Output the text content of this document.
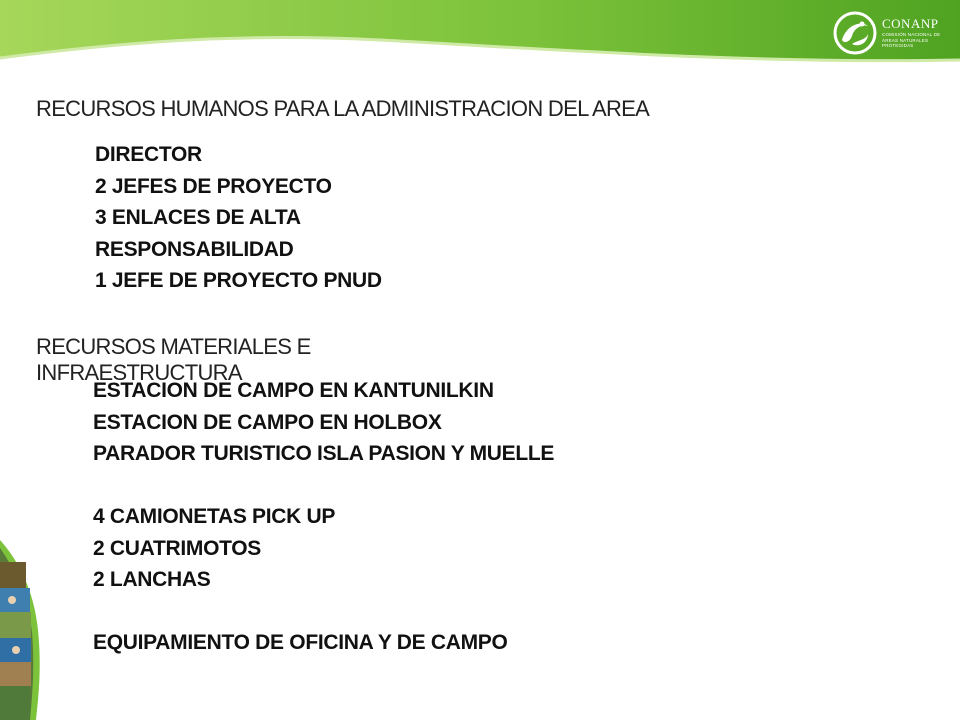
CONANP
COMISIÓN NACIONAL DE ÁREAS NATURALES PROTEGIDAS
RECURSOS HUMANOS PARA LA ADMINISTRACION DEL AREA
DIRECTOR
2 JEFES DE PROYECTO
3 ENLACES DE ALTA RESPONSABILIDAD
1 JEFE DE PROYECTO PNUD
RECURSOS MATERIALES E INFRAESTRUCTURA
ESTACION DE CAMPO EN KANTUNILKIN
ESTACION DE CAMPO EN HOLBOX
PARADOR TURISTICO ISLA PASION Y MUELLE
4 CAMIONETAS PICK UP
2 CUATRIMOTOS
2 LANCHAS
EQUIPAMIENTO DE OFICINA Y DE CAMPO
